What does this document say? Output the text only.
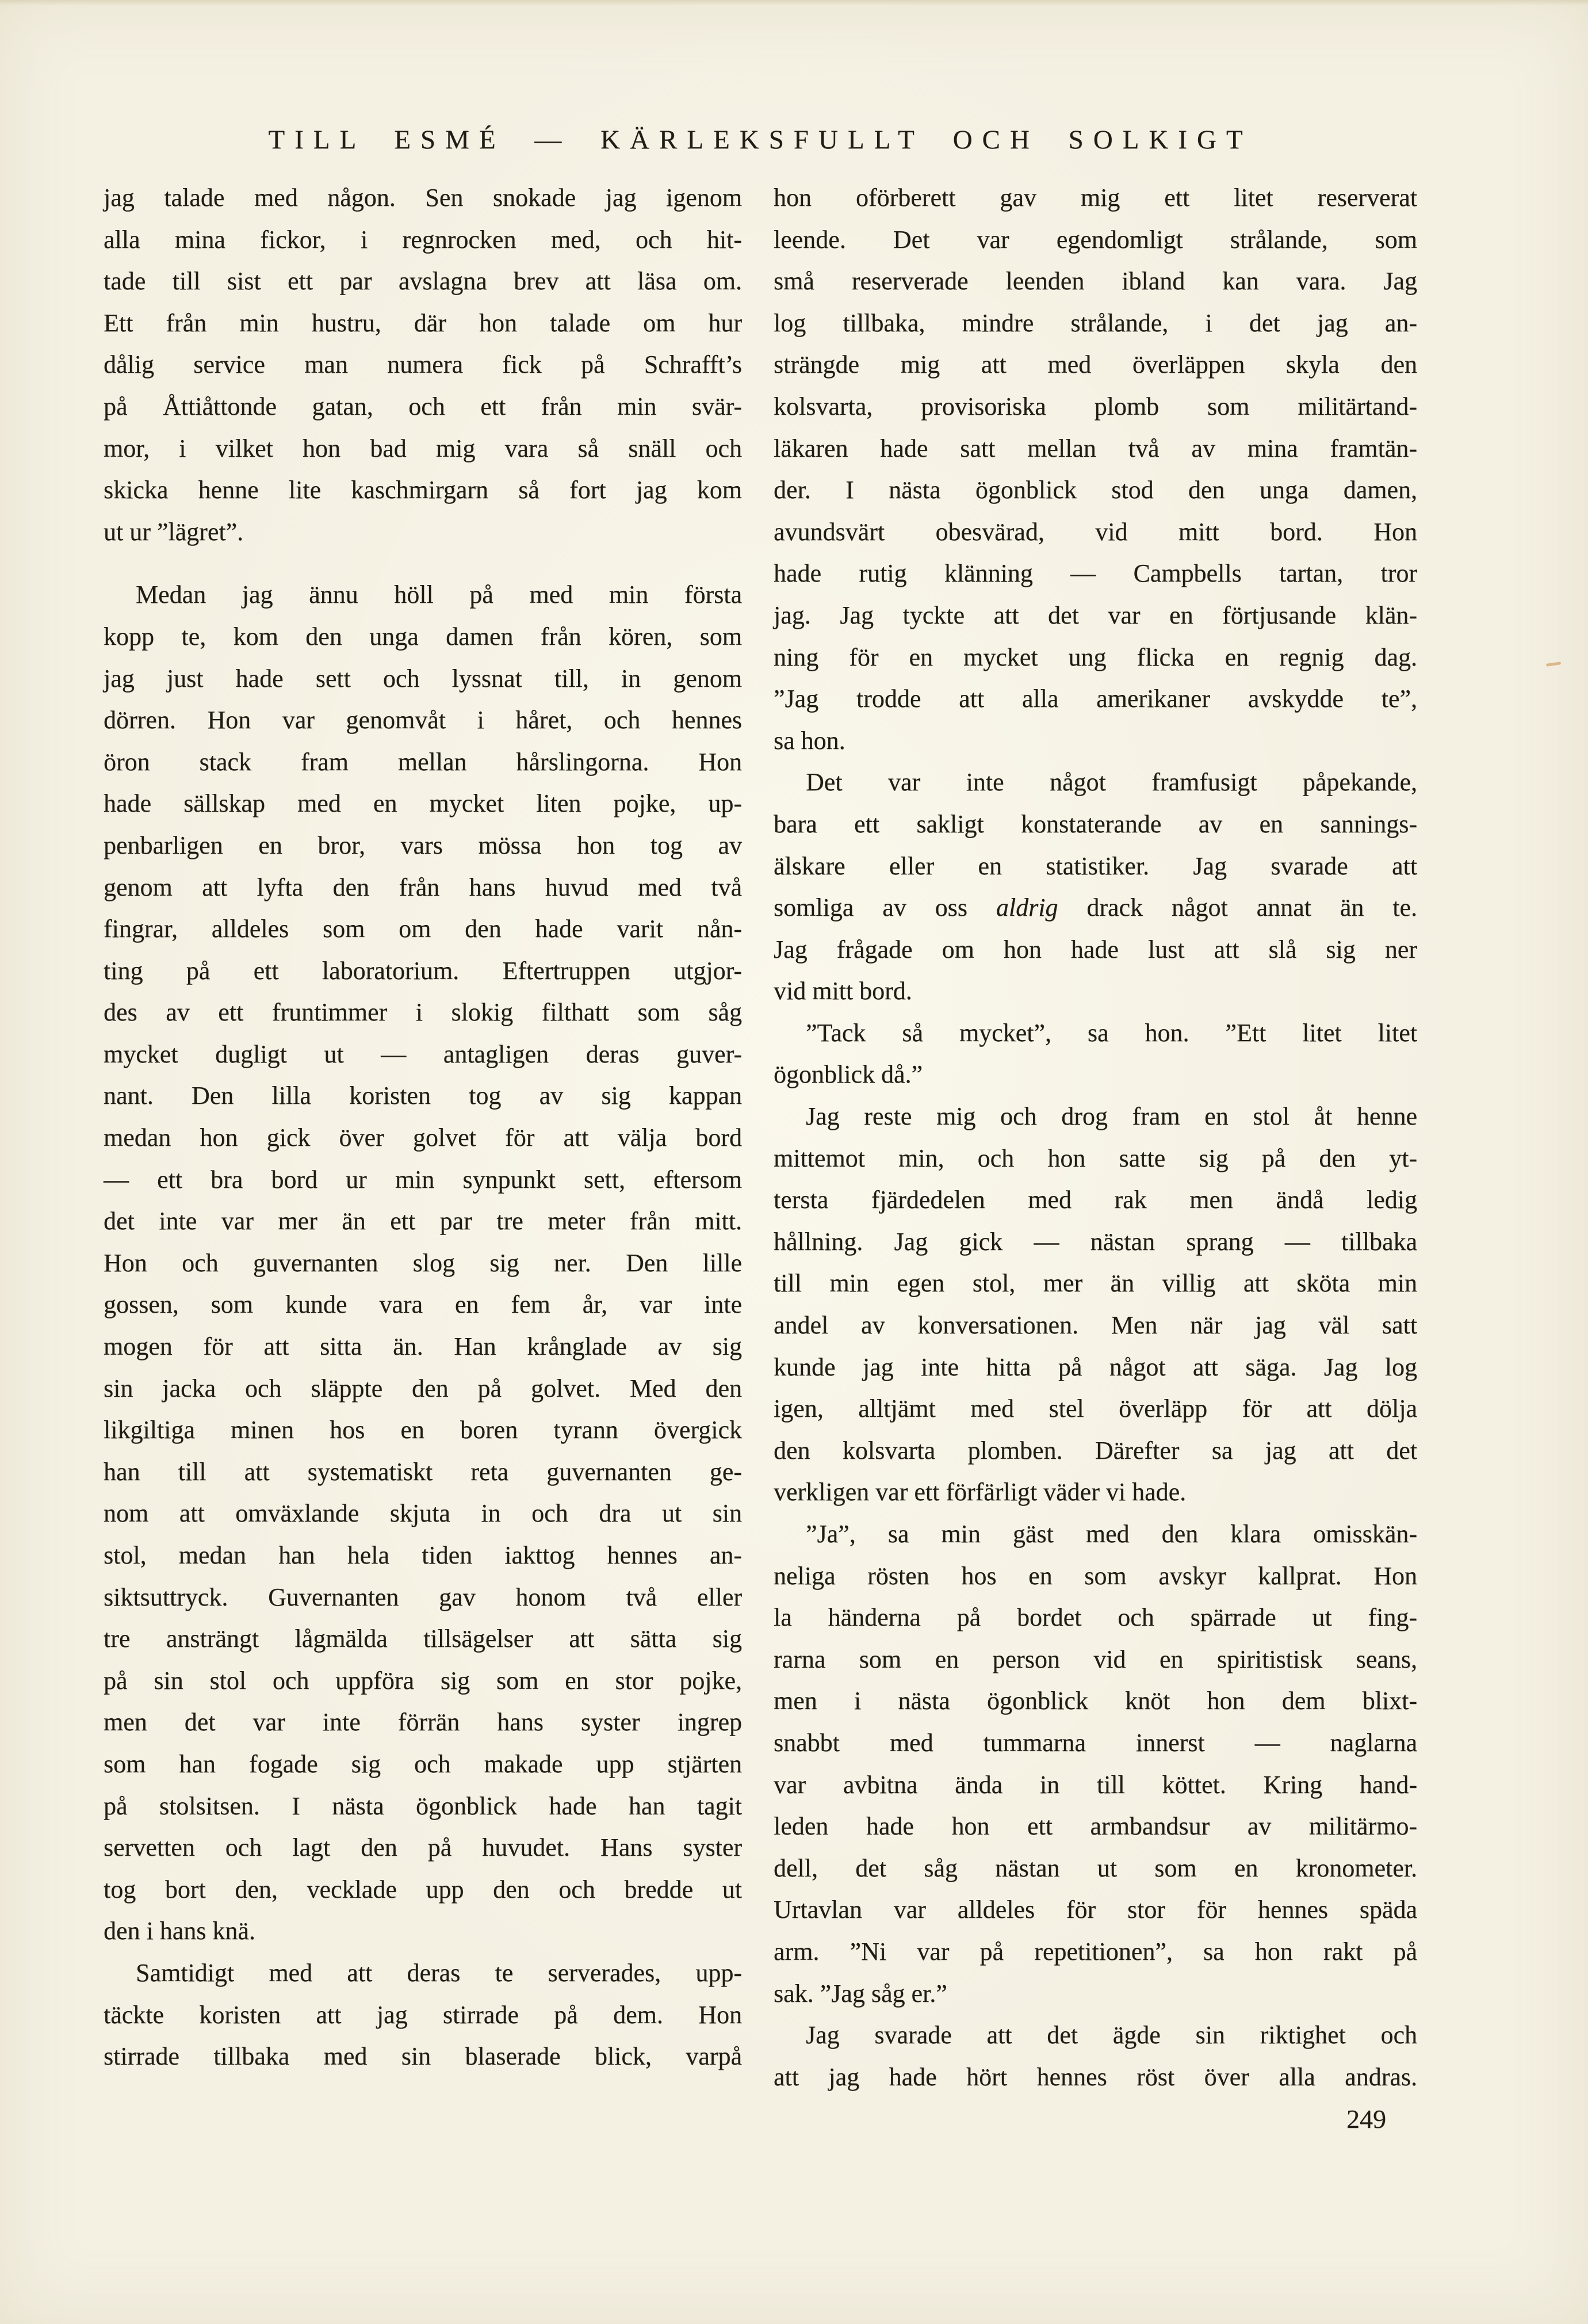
TILL ESMÉ — KÄRLEKSFULLT OCH SOLKIGT
jag talade med någon. Sen snokade jag igenom
alla mina fickor, i regnrocken med, och hit-
tade till sist ett par avslagna brev att läsa om.
Ett från min hustru, där hon talade om hur
dålig service man numera fick på Schrafft’s
på Åttiåttonde gatan, och ett från min svär-
mor, i vilket hon bad mig vara så snäll och
skicka henne lite kaschmirgarn så fort jag kom
ut ur ”lägret”.
Medan jag ännu höll på med min första
kopp te, kom den unga damen från kören, som
jag just hade sett och lyssnat till, in genom
dörren. Hon var genomvåt i håret, och hennes
öron stack fram mellan hårslingorna. Hon
hade sällskap med en mycket liten pojke, up-
penbarligen en bror, vars mössa hon tog av
genom att lyfta den från hans huvud med två
fingrar, alldeles som om den hade varit nån-
ting på ett laboratorium. Eftertruppen utgjor-
des av ett fruntimmer i slokig filthatt som såg
mycket dugligt ut — antagligen deras guver-
nant. Den lilla koristen tog av sig kappan
medan hon gick över golvet för att välja bord
— ett bra bord ur min synpunkt sett, eftersom
det inte var mer än ett par tre meter från mitt.
Hon och guvernanten slog sig ner. Den lille
gossen, som kunde vara en fem år, var inte
mogen för att sitta än. Han krånglade av sig
sin jacka och släppte den på golvet. Med den
likgiltiga minen hos en boren tyrann övergick
han till att systematiskt reta guvernanten ge-
nom att omväxlande skjuta in och dra ut sin
stol, medan han hela tiden iakttog hennes an-
siktsuttryck. Guvernanten gav honom två eller
tre ansträngt lågmälda tillsägelser att sätta sig
på sin stol och uppföra sig som en stor pojke,
men det var inte förrän hans syster ingrep
som han fogade sig och makade upp stjärten
på stolsitsen. I nästa ögonblick hade han tagit
servetten och lagt den på huvudet. Hans syster
tog bort den, vecklade upp den och bredde ut
den i hans knä.
Samtidigt med att deras te serverades, upp-
täckte koristen att jag stirrade på dem. Hon
stirrade tillbaka med sin blaserade blick, varpå
hon oförberett gav mig ett litet reserverat
leende. Det var egendomligt strålande, som
små reserverade leenden ibland kan vara. Jag
log tillbaka, mindre strålande, i det jag an-
strängde mig att med överläppen skyla den
kolsvarta, provisoriska plomb som militärtand-
läkaren hade satt mellan två av mina framtän-
der. I nästa ögonblick stod den unga damen,
avundsvärt obesvärad, vid mitt bord. Hon
hade rutig klänning — Campbells tartan, tror
jag. Jag tyckte att det var en förtjusande klän-
ning för en mycket ung flicka en regnig dag.
”Jag trodde att alla amerikaner avskydde te”,
sa hon.
Det var inte något framfusigt påpekande,
bara ett sakligt konstaterande av en sannings-
älskare eller en statistiker. Jag svarade att
somliga av oss aldrig drack något annat än te.
Jag frågade om hon hade lust att slå sig ner
vid mitt bord.
”Tack så mycket”, sa hon. ”Ett litet litet
ögonblick då.”
Jag reste mig och drog fram en stol åt henne
mittemot min, och hon satte sig på den yt-
tersta fjärdedelen med rak men ändå ledig
hållning. Jag gick — nästan sprang — tillbaka
till min egen stol, mer än villig att sköta min
andel av konversationen. Men när jag väl satt
kunde jag inte hitta på något att säga. Jag log
igen, alltjämt med stel överläpp för att dölja
den kolsvarta plomben. Därefter sa jag att det
verkligen var ett förfärligt väder vi hade.
”Ja”, sa min gäst med den klara omisskän-
neliga rösten hos en som avskyr kallprat. Hon
la händerna på bordet och spärrade ut fing-
rarna som en person vid en spiritistisk seans,
men i nästa ögonblick knöt hon dem blixt-
snabbt med tummarna innerst — naglarna
var avbitna ända in till köttet. Kring hand-
leden hade hon ett armbandsur av militärmo-
dell, det såg nästan ut som en kronometer.
Urtavlan var alldeles för stor för hennes späda
arm. ”Ni var på repetitionen”, sa hon rakt på
sak. ”Jag såg er.”
Jag svarade att det ägde sin riktighet och
att jag hade hört hennes röst över alla andras.
249
